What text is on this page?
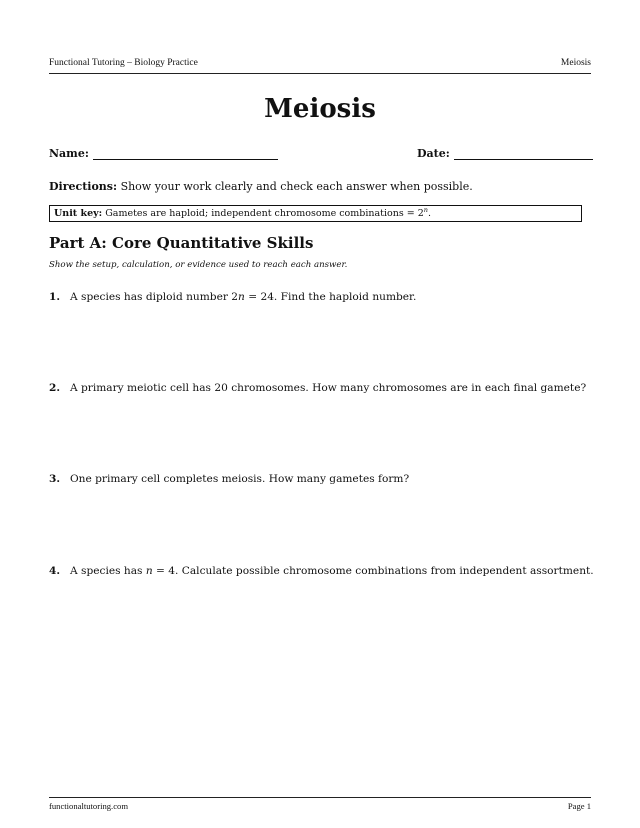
Functional Tutoring – Biology Practice	Meiosis
Meiosis
Name:	Date:
Directions: Show your work clearly and check each answer when possible.
Unit key: Gametes are haploid; independent chromosome combinations = $2^n$.
Part A: Core Quantitative Skills
Show the setup, calculation, or evidence used to reach each answer.
1. A species has diploid number 2n = 24. Find the haploid number.
2. A primary meiotic cell has 20 chromosomes. How many chromosomes are in each final gamete?
3. One primary cell completes meiosis. How many gametes form?
4. A species has n = 4. Calculate possible chromosome combinations from independent assortment.
functionaltutoring.com	Page 1
